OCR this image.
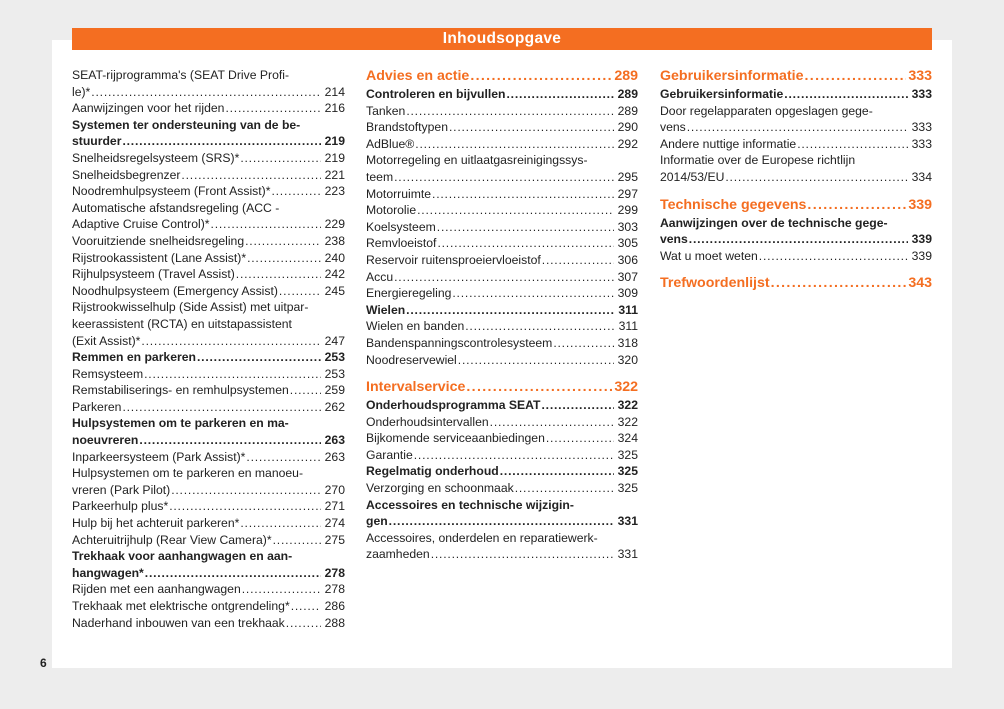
Inhoudsopgave
SEAT-rijprogramma's (SEAT Drive Profi-
le)* . . .	214
Aanwijzingen voor het rijden . . .	216
Systemen ter ondersteuning van de be-
stuurder . . .	219
Snelheidsregelsysteem (SRS)* . . .	219
Snelheidsbegrenzer . . .	221
Noodremhulpsysteem (Front Assist)* . . .	223
Automatische afstandsregeling (ACC -
Adaptive Cruise Control)* . . .	229
Vooruitziende snelheidsregeling . . .	238
Rijstrookassistent (Lane Assist)* . . .	240
Rijhulpsysteem (Travel Assist) . . .	242
Noodhulpsysteem (Emergency Assist) . . .	245
Rijstrookwisselhulp (Side Assist) met uitpar-
keerassistent (RCTA) en uitstapassistent
(Exit Assist)* . . .	247
Remmen en parkeren . . .	253
Remsysteem . . .	253
Remstabiliserings- en remhulpsystemen . . .	259
Parkeren . . .	262
Hulpsystemen om te parkeren en ma-
noeuvreren . . .	263
Inparkeersysteem (Park Assist)* . . .	263
Hulpsystemen om te parkeren en manoeu-
vreren (Park Pilot) . . .	270
Parkeerhulp plus* . . .	271
Hulp bij het achteruit parkeren* . . .	274
Achteruitrijhulp (Rear View Camera)* . . .	275
Trekhaak voor aanhangwagen en aan-
hangwagen* . . .	278
Rijden met een aanhangwagen . . .	278
Trekhaak met elektrische ontgrendeling* . . .	286
Naderhand inbouwen van een trekhaak . . .	288
Advies en actie . . .	289
Controleren en bijvullen . . .	289
Tanken . . .	289
Brandstoftypen . . .	290
AdBlue® . . .	292
Motorregeling en uitlaatgasreinigingssys-
teem . . .	295
Motorruimte . . .	297
Motorolie . . .	299
Koelsysteem . . .	303
Remvloeistof . . .	305
Reservoir ruitensproeiervloeistof . . .	306
Accu . . .	307
Energieregeling . . .	309
Wielen . . .	311
Wielen en banden . . .	311
Bandenspanningscontrolesysteem . . .	318
Noodreservewiel . . .	320
Intervalservice . . .	322
Onderhoudsprogramma SEAT . . .	322
Onderhoudsintervallen . . .	322
Bijkomende serviceaanbiedingen . . .	324
Garantie . . .	325
Regelmatig onderhoud . . .	325
Verzorging en schoonmaak . . .	325
Accessoires en technische wijzigin-
gen . . .	331
Accessoires, onderdelen en reparatiewerk-
zaamheden . . .	331
Gebruikersinformatie . . .	333
Gebruikersinformatie . . .	333
Door regelapparaten opgeslagen gege-
vens . . .	333
Andere nuttige informatie . . .	333
Informatie over de Europese richtlijn
2014/53/EU . . .	334
Technische gegevens . . .	339
Aanwijzingen over de technische gege-
vens . . .	339
Wat u moet weten . . .	339
Trefwoordenlijst . . .	343
6
